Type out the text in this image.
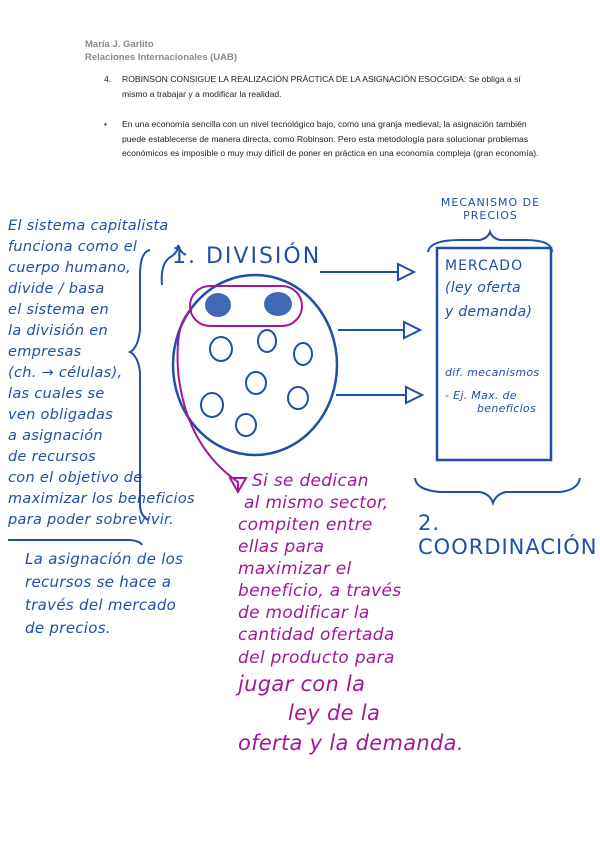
María J. Garlito
Relaciones Internacionales (UAB)
4. ROBINSON CONSIGUE LA REALIZACIÓN PRÁCTICA DE LA ASIGNACIÓN ESOCGIDA: Se obliga a sí mismo a trabajar y a modificar la realidad.
• En una economía sencilla con un nivel tecnológico bajo, como una granja medieval, la asignación también puede establecerse de manera directa, como Robinson. Pero esta metodología para solucionar problemas económicos es imposible o muy muy difícil de poner en práctica en una economía compleja (gran economía).
El sistema capitalista
funciona como el
cuerpo humano,
divide / basa
el sistema en
la división en
empresas
(ch. → células),
las cuales se
ven obligadas
a asignación
de recursos
con el objetivo de
maximizar los beneficios
para poder sobrevivir.
La asignación de los
recursos se hace a
través del mercado
de precios.
1. DIVISIÓN
MECANISMO DE
PRECIOS
MERCADO
(ley oferta
y demanda)
dif. mecanismos
- Ej. Max. de
beneficios
2. COORDINACIÓN
Si se dedican
al mismo sector,
compiten entre
ellas para
maximizar el
beneficio, a través
de modificar la
cantidad ofertada
del producto para
jugar con la
ley de la
oferta y la demanda.
